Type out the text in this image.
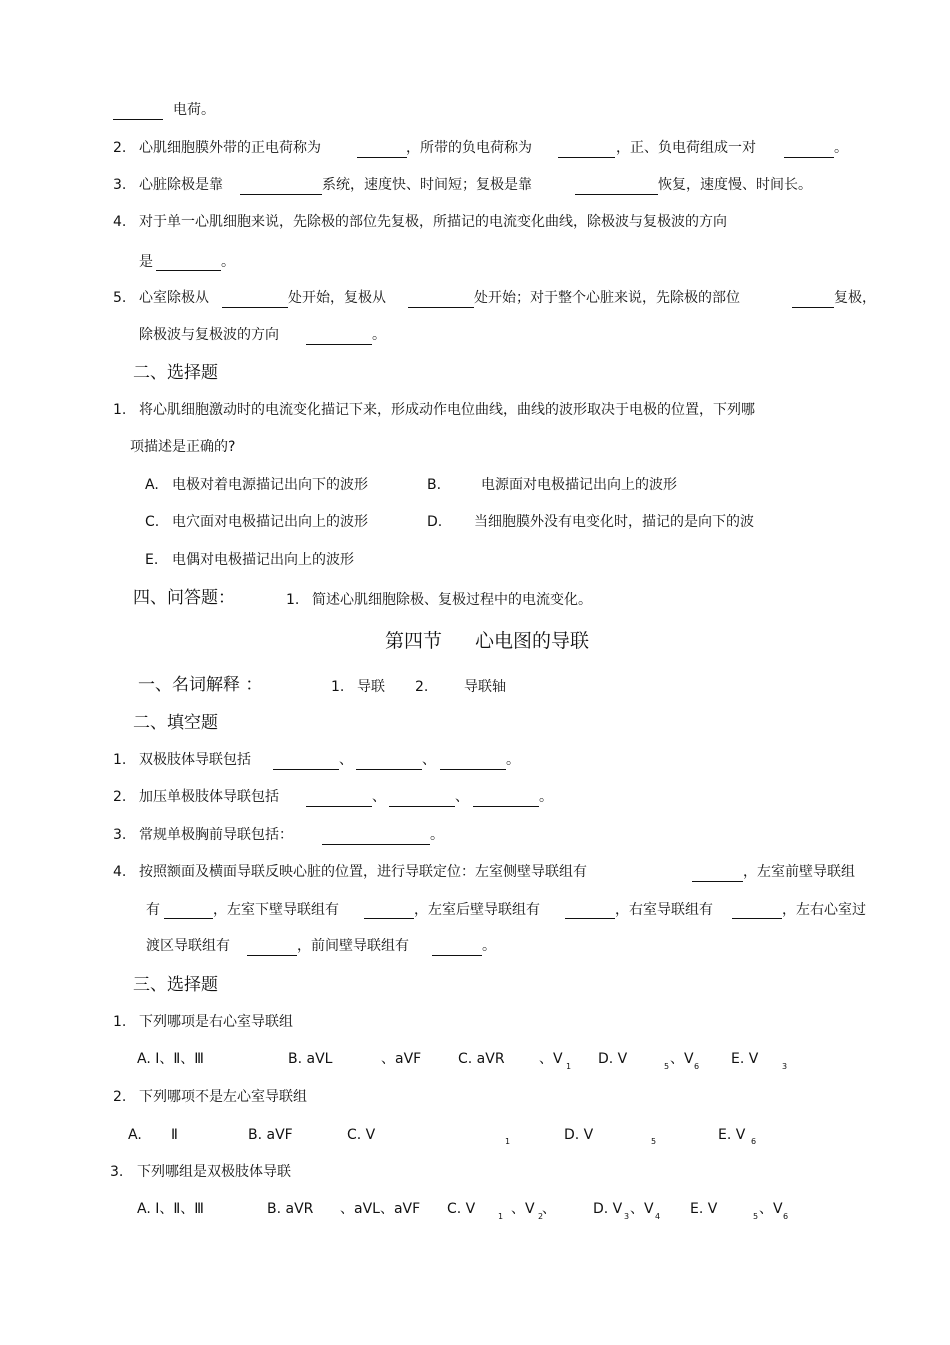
电荷。
2. 心肌细胞膜外带的正电荷称为	，所带的负电荷称为	，正、负电荷组成一对	。
3. 心脏除极是靠	系统，速度快、时间短；复极是靠	恢复，速度慢、时间长。
4. 对于单一心肌细胞来说，先除极的部位先复极，所描记的电流变化曲线，除极波与复极波的方向
是	。
5. 心室除极从	处开始，复极从	处开始；对于整个心脏来说，先除极的部位	复极，
除极波与复极波的方向	。
二、选择题
1. 将心肌细胞激动时的电流变化描记下来，形成动作电位曲线，曲线的波形取决于电极的位置，下列哪
项描述是正确的?
A. 电极对着电源描记出向下的波形	B.	电源面对电极描记出向上的波形
C. 电穴面对电极描记出向上的波形	D. 当细胞膜外没有电变化时，描记的是向下的波
E. 电偶对电极描记出向上的波形
四、问答题：	1. 简述心肌细胞除极、复极过程中的电流变化。
第四节 心电图的导联
一、名词解释 ：	1. 导联 2.	导联轴
二、填空题
1. 双极肢体导联包括	、	、	。
2. 加压单极肢体导联包括	、	、	。
3. 常规单极胸前导联包括：	。
4. 按照额面及横面导联反映心脏的位置，进行导联定位：左室侧壁导联组有	，左室前壁导联组
有	，左室下壁导联组有	，左室后壁导联组有	，右室导联组有	，左右心室过
渡区导联组有	，前间壁导联组有	。
三、选择题
1. 下列哪项是右心室导联组
A. Ⅰ、Ⅱ、Ⅲ	B. aVL	、aVF	C. aVR 、V 1 D. V	5 、V 6 E. V	3
2. 下列哪项不是左心室导联组
A. Ⅱ	B. aVF	C. V	1	D. V	5	E. V 6
3. 下列哪组是双极肢体导联
A. Ⅰ、Ⅱ、Ⅲ	B. aVR 、aVL、aVF C. V	1 、V 2
、	D. V 3 、V 4 E. V	5 、V 6
